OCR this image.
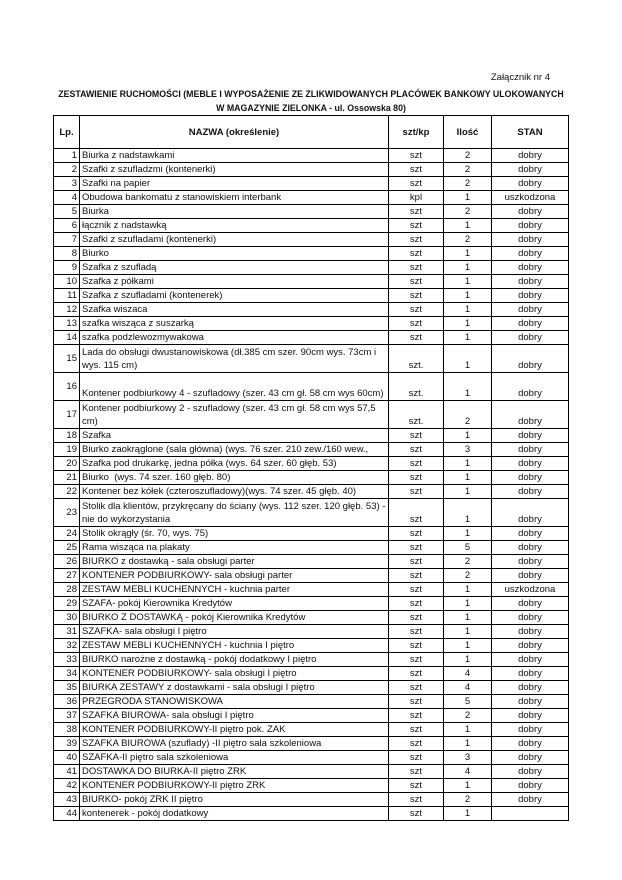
Załącznik nr 4
ZESTAWIENIE RUCHOMOŚCI (MEBLE I WYPOSAŻENIE ZE ZLIKWIDOWANYCH PLACÓWEK BANKOWY ULOKOWANYCH
W MAGAZYNIE ZIELONKA - ul. Ossowska 80)
Lp.	NAZWA (określenie)	szt/kp	Ilość	STAN
1 Biurka z nadstawkami	szt	2	dobry
2 Szafki z szufladzmi (kontenerki)	szt	2	dobry
3 Szafki na papier	szt	2	dobry
4 Obudowa bankomatu z stanowiskiem interbank	kpl	1	uszkodzona
5 Biurka	szt	2	dobry
6 łącznik z nadstawką	szt	1	dobry
7 Szafki z szufladami (kontenerki)	szt	2	dobry
8 Biurko	szt	1	dobry
9 Szafka z szufladą	szt	1	dobry
10 Szafka z półkami	szt	1	dobry
11 Szafka z szufladami (kontenerek)	szt	1	dobry
12 Szafka wiszaca	szt	1	dobry
13 szafka wisząca z suszarką	szt	1	dobry
14 szafka podzlewozmywakowa	szt	1	dobry
15
Lada do obsługi dwustanowiskowa (dł.385 cm szer. 90cm wys. 73cm i wys. 115 cm)	szt.	1	dobry
16
Kontener podbiurkowy 4 - szufladowy (szer. 43 cm gł. 58 cm wys 60cm)	szt.	1	dobry
17
Kontener podbiurkowy 2 - szufladowy (szer. 43 cm gł. 58 cm wys 57,5 cm)	szt.	2	dobry
18 Szafka	szt	1	dobry
19 Biurko zaokrąglone (sala główna) (wys. 76 szer. 210 zew./160 wew.,	szt	3	dobry
20 Szafka pod drukarkę, jedna półka (wys. 64 szer. 60 głęb. 53)	szt	1	dobry
21 Biurko  (wys. 74 szer. 160 głęb. 80)	szt	1	dobry
22 Kontener bez kółek (czteroszufladowy)(wys. 74 szer. 45 głęb. 40)	szt	1	dobry
23
Stolik dla klientów, przykręcany do ściany (wys. 112 szer. 120 głęb. 53) - nie do wykorzystania	szt	1	dobry
24 Stolik okrągły (śr. 70, wys. 75)	szt	1	dobry
25 Rama wisząca na plakaty	szt	5	dobry
26 BIURKO z dostawką - sala obsługi parter	szt	2	dobry
27 KONTENER PODBIURKOWY- sala obsługi parter	szt	2	dobry
28 ZESTAW MEBLI KUCHENNYCH - kuchnia parter	szt	1	uszkodzona
29 SZAFA- pokój Kierownika Kredytów	szt	1	dobry
30 BIURKO Z DOSTAWKĄ - pokój Kierownika Kredytów	szt	1	dobry
31 SZAFKA- sala obsługi I piętro	szt	1	dobry
32 ZESTAW MEBLI KUCHENNYCH - kuchnia I piętro	szt	1	dobry
33 BIURKO narożne z dostawką - pokój dodatkowy I piętro	szt	1	dobry
34 KONTENER PODBIURKOWY- sala obsługi I piętro	szt	4	dobry
35 BIURKA ZESTAWY z dostawkami - sala obsługi I piętro	szt	4	dobry
36 PRZEGRODA STANOWISKOWA	szt	5	dobry
37 SZAFKA BIUROWA- sala obsługi I piętro	szt	2	dobry
38 KONTENER PODBIURKOWY-II piętro pok. ZAK	szt	1	dobry
39 SZAFKA BIUROWA (szuflady) -II piętro sala szkoleniowa	szt	1	dobry
40 SZAFKA-II piętro sala szkoleniowa	szt	3	dobry
41 DOSTAWKA DO BIURKA-II piętro ZRK	szt	4	dobry
42 KONTENER PODBIURKOWY-II piętro ZRK	szt	1	dobry
43 BIURKO- pokój ZRK II piętro	szt	2	dobry
44 kontenerek - pokój dodatkowy	szt	1
